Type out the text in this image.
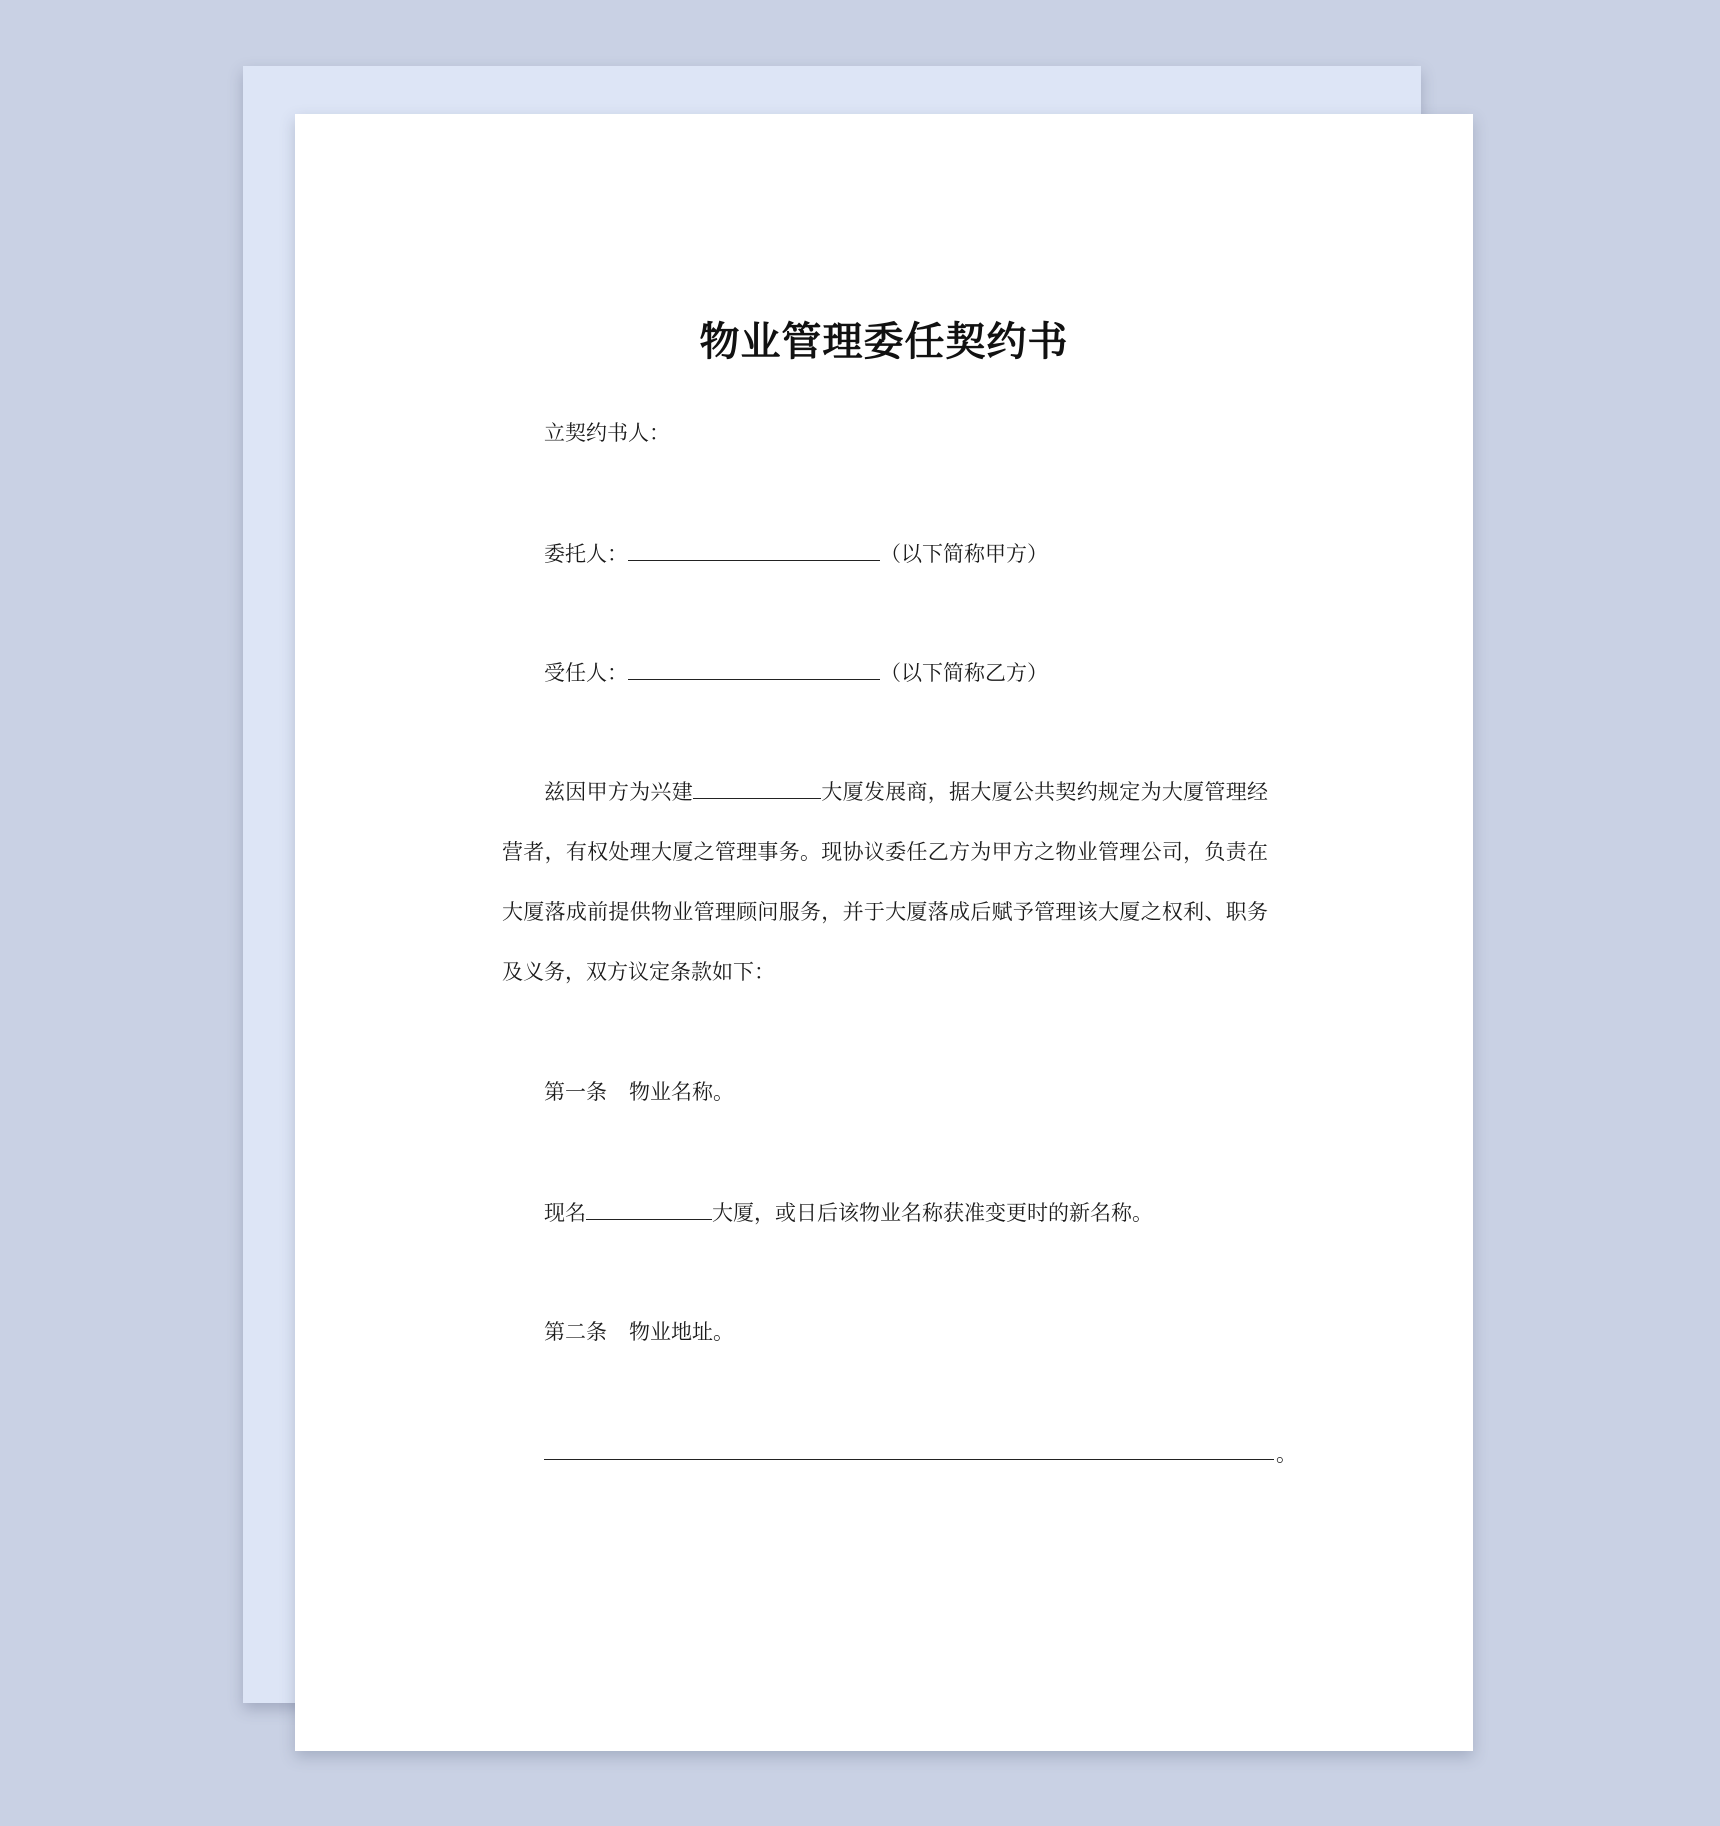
物业管理委任契约书
立契约书人：
委托人：	（以下简称甲方）
受任人：	（以下简称乙方）
兹因甲方为兴建	大厦发展商，据大厦公共契约规定为大厦管理经营者，有权处理大厦之管理事务。现协议委任乙方为甲方之物业管理公司，负责在大厦落成前提供物业管理顾问服务，并于大厦落成后赋予管理该大厦之权利、职务及义务，双方议定条款如下：
第一条 物业名称。
现名	大厦，或日后该物业名称获准变更时的新名称。
第二条 物业地址。
。
